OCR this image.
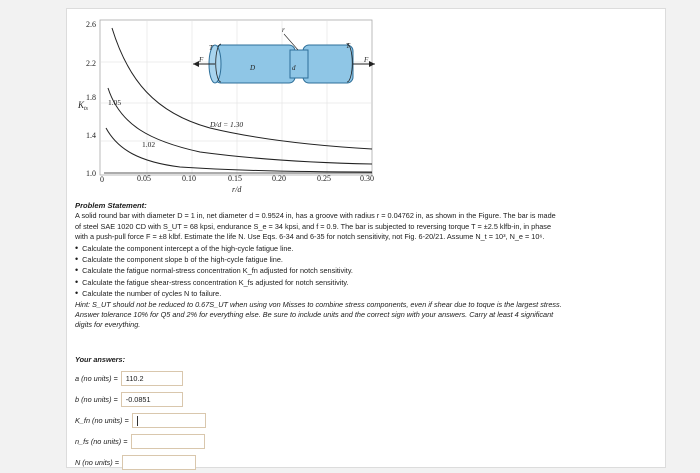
2.6
2.2
1.8
1.4
1.0
$K_{ts}$
0	0.05	0.10	0.15	0.20	0.25	0.30
r/d
1.05
1.02
D/d = 1.30
F	F
T	T
D	d
r
Problem Statement:
A solid round bar with diameter D = 1 in, net diameter d = 0.9524 in, has a groove with radius r = 0.04762 in, as shown in the Figure. The bar is made
of steel SAE 1020 CD with S_UT = 68 kpsi, endurance S_e = 34 kpsi, and f = 0.9. The bar is subjected to reversing torque T = ±2.5 klfb-in, in phase
with a push-pull force F = ±8 klbf. Estimate the life N. Use Eqs. 6-34 and 6-35 for notch sensitivity, not Fig. 6-20/21. Assume N_t = 10³, N_e = 10⁶.
• Calculate the component intercept a of the high-cycle fatigue line.
• Calculate the component slope b of the high-cycle fatigue line.
• Calculate the fatigue normal-stress concentration K_fn adjusted for notch sensitivity.
• Calculate the fatigue shear-stress concentration K_fs adjusted for notch sensitivity.
• Calculate the number of cycles N to failure.
Hint: S_UT should not be reduced to 0.67S_UT when using von Misses to combine stress components, even if shear due to toque is the largest stress.
Answer tolerance 10% for Q5 and 2% for everything else. Be sure to include units and the correct sign with your answers. Carry at least 4 significant
digits for everything.
Your answers:
a (no units) =	110.2
b (no units) =	-0.0851
K_fn (no units) =
n_fs (no units) =
N (no units) =
